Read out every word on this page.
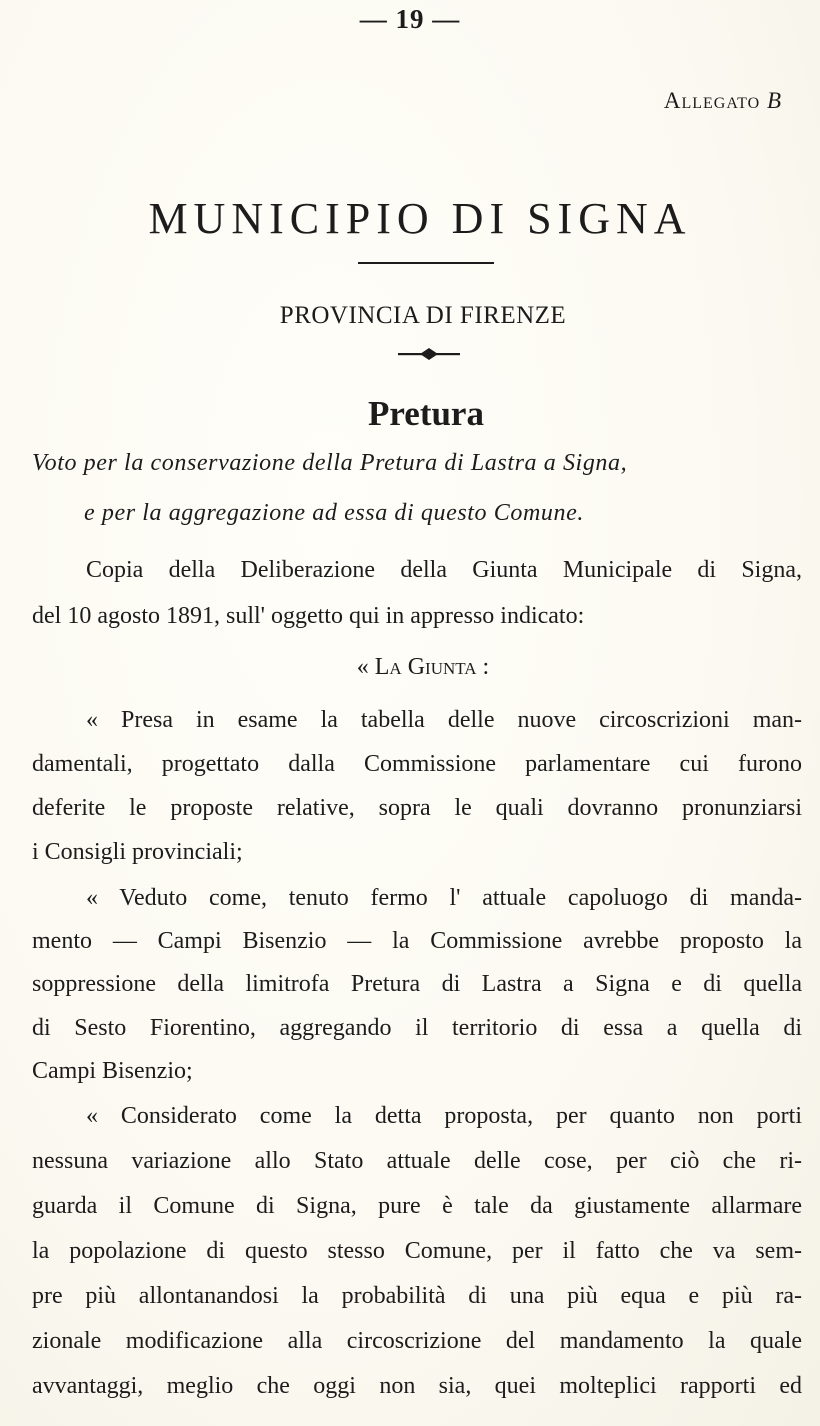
— 19 —
Allegato B
MUNICIPIO DI SIGNA
PROVINCIA DI FIRENZE
Pretura
Voto per la conservazione della Pretura di Lastra a Signa,
e per la aggregazione ad essa di questo Comune.
Copia della Deliberazione della Giunta Municipale di Signa,
del 10 agosto 1891, sull' oggetto qui in appresso indicato:
« La Giunta :
« Presa in esame la tabella delle nuove circoscrizioni man-
damentali, progettato dalla Commissione parlamentare cui furono
deferite le proposte relative, sopra le quali dovranno pronunziarsi
i Consigli provinciali;
« Veduto come, tenuto fermo l' attuale capoluogo di manda-
mento — Campi Bisenzio — la Commissione avrebbe proposto la
soppressione della limitrofa Pretura di Lastra a Signa e di quella
di Sesto Fiorentino, aggregando il territorio di essa a quella di
Campi Bisenzio;
« Considerato come la detta proposta, per quanto non porti
nessuna variazione allo Stato attuale delle cose, per ciò che ri-
guarda il Comune di Signa, pure è tale da giustamente allarmare
la popolazione di questo stesso Comune, per il fatto che va sem-
pre più allontanandosi la probabilità di una più equa e più ra-
zionale modificazione alla circoscrizione del mandamento la quale
avvantaggi, meglio che oggi non sia, quei molteplici rapporti ed
